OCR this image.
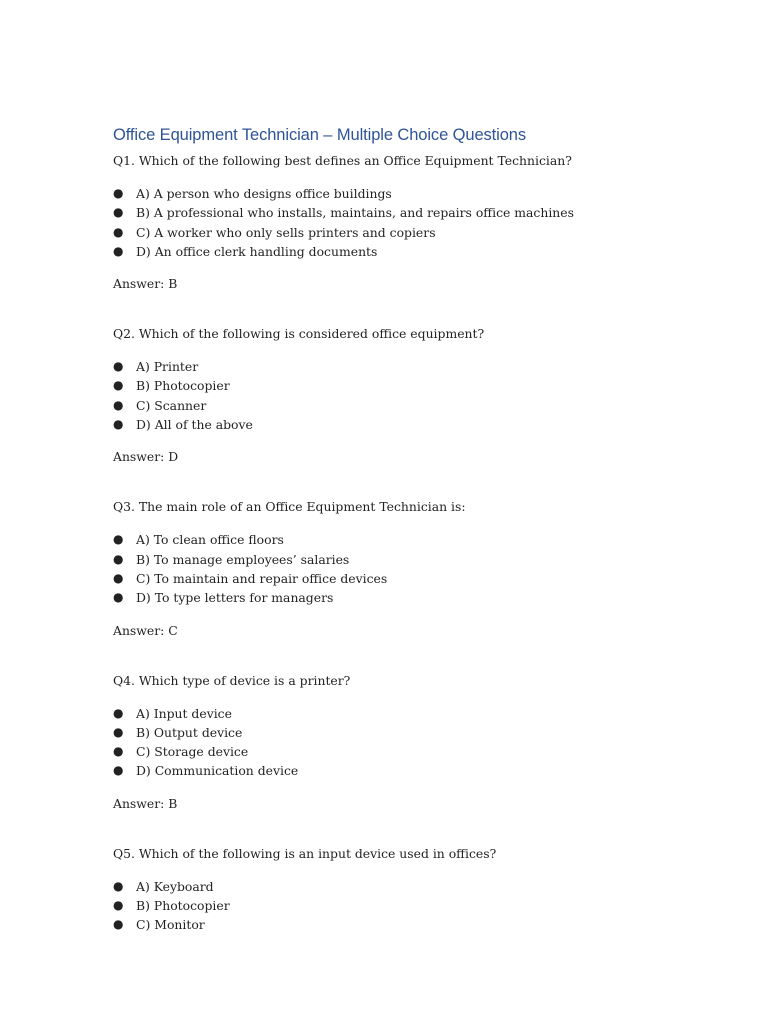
Office Equipment Technician – Multiple Choice Questions

Q1. Which of the following best defines an Office Equipment Technician?

● A) A person who designs office buildings
● B) A professional who installs, maintains, and repairs office machines
● C) A worker who only sells printers and copiers
● D) An office clerk handling documents

Answer: B

Q2. Which of the following is considered office equipment?

● A) Printer
● B) Photocopier
● C) Scanner
● D) All of the above

Answer: D

Q3. The main role of an Office Equipment Technician is:

● A) To clean office floors
● B) To manage employees’ salaries
● C) To maintain and repair office devices
● D) To type letters for managers

Answer: C

Q4. Which type of device is a printer?

● A) Input device
● B) Output device
● C) Storage device
● D) Communication device

Answer: B

Q5. Which of the following is an input device used in offices?

● A) Keyboard
● B) Photocopier
● C) Monitor
